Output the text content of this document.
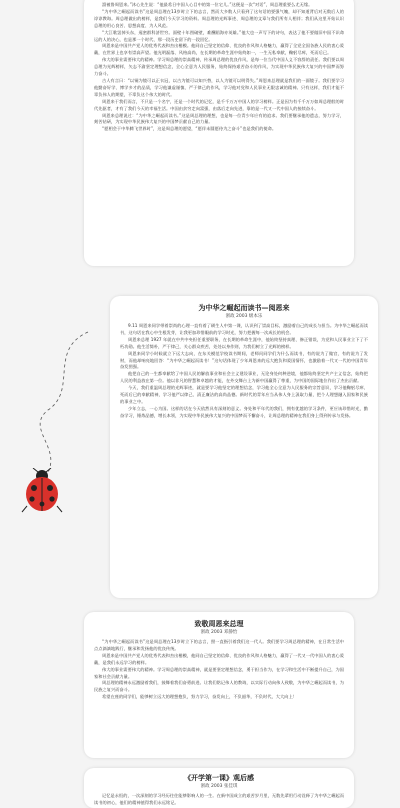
溜被鲁周恩来。”沐心先生说：“他最希日中国人心目中的第一位宅儿。”这便是一次“对话”，周总理重要么尤无缘。

“为中华之崛起而读书”这是周总理在13岁时立下的志言，然而大多数人只看到了这句话的要强气魄，却不知道背后对无数后人的谆谆教诲。周总理做出的榜样，是我们今天学习的资料。周总理的光辉事迹、周总理的文章与我们所有人相伴；我们从这里开始认识总理的用心良苦、思想高度、为人风范。

“大江歌罢掉头东，邃密群科济世穷。面壁十年图破壁，难酬蹈海亦英雄。”他大也一声写下的诗句，表达了他不要做旧中国不识命运的人的决心，也是那一个时代、那一段历史留下的一段回忆。

周恩来是中国共产党人的优秀代表和杰出楷模。他同自己坚定的信仰、优良的作风和人格魅力，赢得了全党全国各族人民的衷心爱戴，在世界上也享有崇高声望。他光明磊落、风格高尚，在长期的革命生涯中始终如一，一生无私奉献，鞠躬尽瘁，死而后已。

伟大的事业需要伟大的精神。学习周总理的崇高精神，传承周总理的优良作风，是每一位当代中国人义不容辞的责任。我们要以周总理为光辉榜样，矢志不渝坚定理想信念，全心全意为人民服务，始终保持艰苦奋斗的作风，为实现中华民族伟大复兴的中国梦而努力奋斗。

古人有言曰：“以铜为镜可以正衣冠，以古为镜可以知兴替，以人为镜可以明得失。”周恩来总理就是我们的一面镜子。我们要学习他勤奋好学、博学多才的品质，学习他谦虚谨慎、严于律己的作风，学习他对党和人民事业无限忠诚的精神。只有这样，我们才能不辜负伟人的期望，不辜负这个伟大的时代。

周恩来于我们而言，不只是一个名字，还是一个时代的记忆，是千千万万中国人的学习榜样。正是因为有千千万万如周总理般的时代先驱者，才有了我们今天的幸福生活。中国由贫穷走向富强，由落后走向先进，靠的是一代又一代中国人的接续奋斗。

周恩来总理说过：“为中华之崛起而读书。”这是周总理的理想，也是每一位青少年应有的追求。我们要继承他的遗志，努力学习，刻苦钻研，为实现中华民族伟大复兴的中国梦贡献自己的力量。

“愿相会于中华腾飞世界时”，这是周总理的愿望，“愿伴未圆愿待为之奋斗”也是我们的使命。

为中华之崛起而读书—阅恩来
浙政 2003 级本乐

9.11 周恩来同学带着崇尚的心理一直有着了刷生人中第一课，认识到了崇高目标，激励着自己的成长与担当。为中华之崛起而读书，这句话在我心中生根发芽，让我更加珍惜眼前的学习时光，努力把握每一次成长的机会。

周恩来总理 1927 年就在中共中央担任重要职务，在长期的革命生涯中，他始终坚持真理、修正错误，为党和人民事业立下了不朽功勋。他生活简朴，严于律己，关心群众疾苦，处处以身作则，为我们树立了光辉的榜样。

周恩来同学小时候就立下远大志向，在东关模范学校读书期间，老师问同学们为什么而读书，有的说为了做官，有的说为了发财，而他却响亮地回答：“为中华之崛起而读书！”这句话体现了少年周恩来的远大抱负和爱国情怀，也激励着一代又一代的中国青年奋发图强。

他把自己的一生都奉献给了中国人民的解放事业和社会主义建设事业，无论身处何种逆境，他都始终坚定共产主义信念，始终把人民的利益放在第一位。他以非凡的智慧和卓越的才能，在外交舞台上为新中国赢得了尊重，为中国的国际地位作出了杰出贡献。

今天，我们重温周总理的光辉事迹，就是要学习他坚定的理想信念，学习他全心全意为人民服务的宗旨意识，学习他鞠躬尽瘁、死而后已的奉献精神，学习他严以律己、清正廉洁的高尚品德。新时代的青年应当从伟人身上汲取力量，把个人理想融入国家和民族的事业之中。

少年立志，一心为国。这样的话在今天依然具有深刻的意义。身处和平年代的我们，拥有优越的学习条件，更应该珍惜时光，勤奋学习，锤炼品德，增长本领，为实现中华民族伟大复兴的中国梦而不懈奋斗，让周总理的精神在我们身上得到传承与发扬。

致敬周恩来总理
浙政 2003 邓静怡

“为中华之崛起而读书”这是周总理在13岁时立下的志言，照一直指引着我们这一代人。我们要学习周总理的精神，在日常生活中点点滴滴地践行，继承和发扬他的优良传统。

周恩来是中国共产党人的优秀代表和杰出楷模，他同自己坚定的信仰、优良的作风和人格魅力，赢得了一代又一代中国人的衷心爱戴，是我们永远学习的榜样。

伟大的事业需要伟大的精神。学习周总理的崇高精神，就是要坚定理想信念，勇于担当作为，在学习和生活中不断提升自己，为国家和社会贡献力量。

周总理的精神永远激励着我们，鼓舞着我们奋勇前进。让我们铭记伟人的教诲，以实际行动向伟人致敬，为中华之崛起而读书，为民族之复兴而奋斗。

希望在座的同学们，能够树立远大的理想抱负，努力学习，奋发向上，不负韶华，不负时代，大大向上！

《开学第一课》观后感
浙政 2003 张佳琪

记忆是永恒的，一次深刻的学习经历往往能够影响人的一生。在新中国成立的艰苦岁月里，无数先辈用行动诠释了为中华之崛起而读书的初心，他们的精神值得我们永远铭记。
